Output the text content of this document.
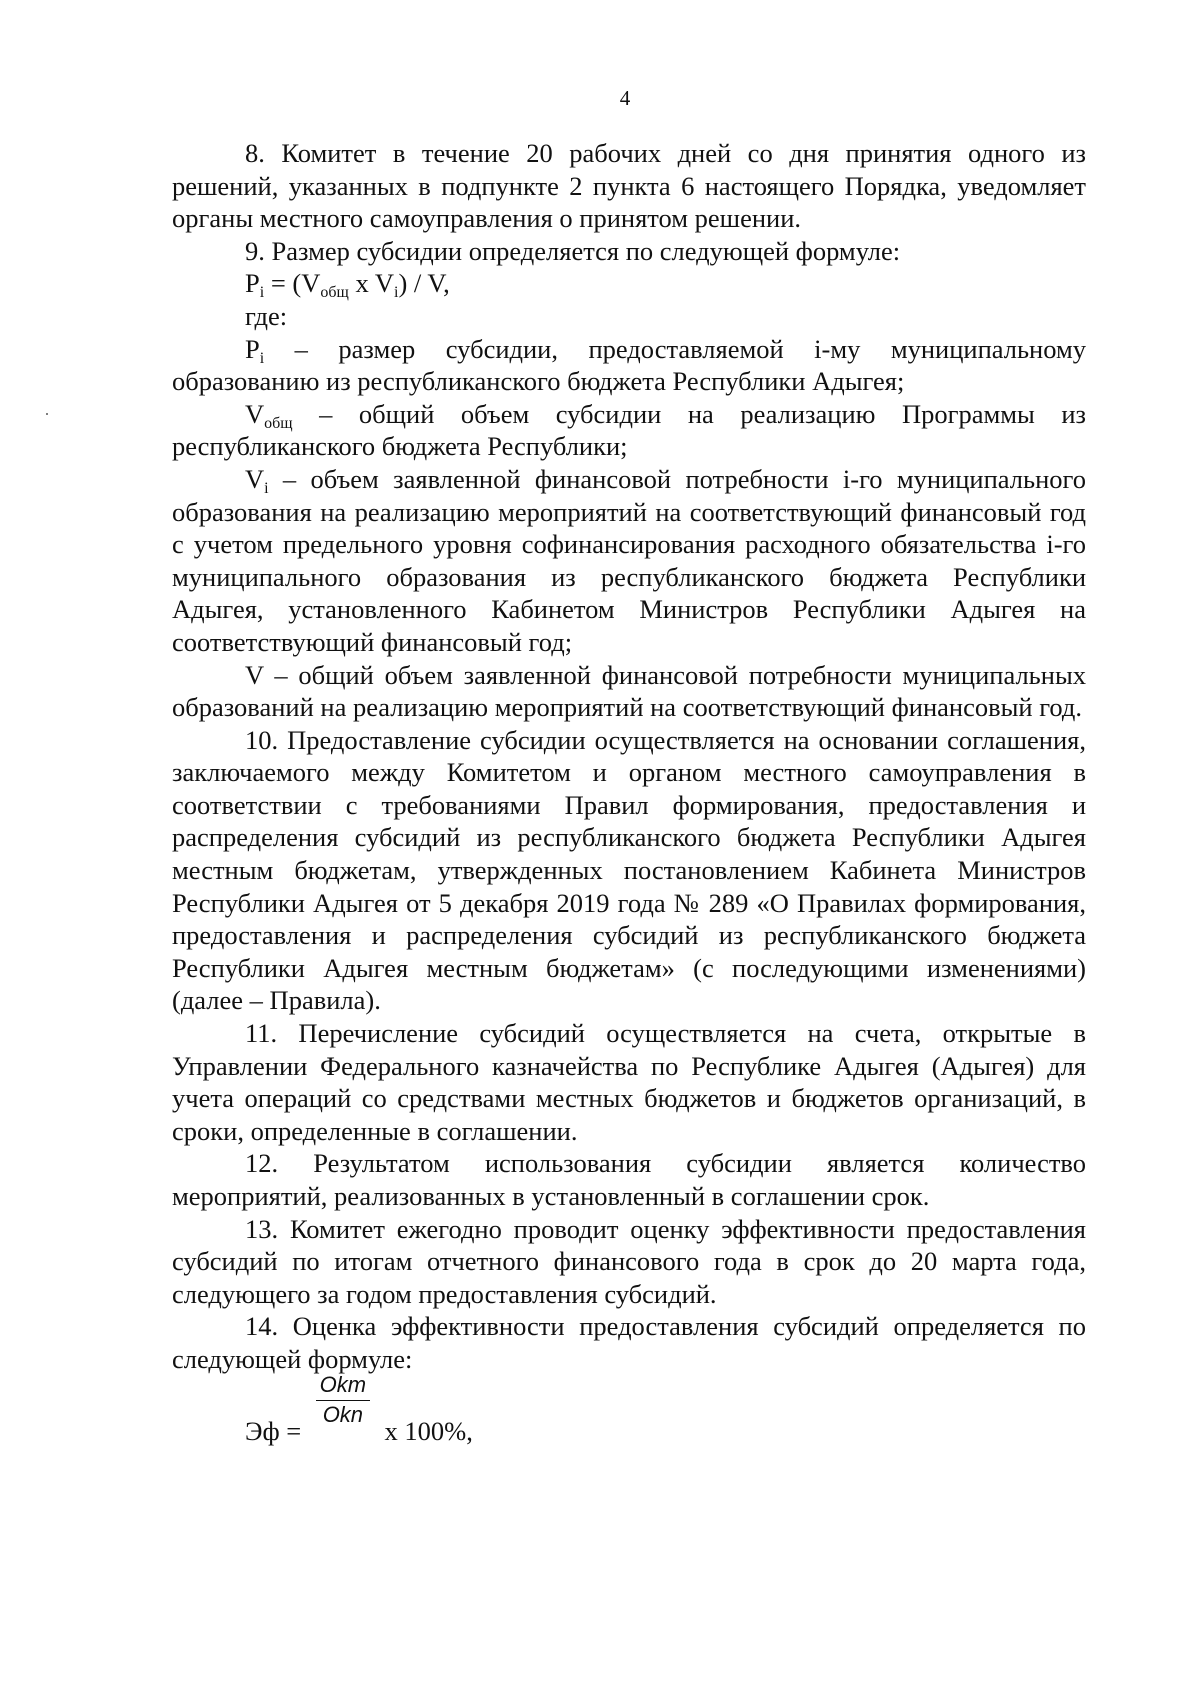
4

8. Комитет в течение 20 рабочих дней со дня принятия одного из решений, указанных в подпункте 2 пункта 6 настоящего Порядка, уведомляет органы местного самоуправления о принятом решении.

9. Размер субсидии определяется по следующей формуле:

$P_i = (V_{общ}$ x $V_i$) / V,

где:

$P_i$ – размер субсидии, предоставляемой i-му муниципальному образованию из республиканского бюджета Республики Адыгея;

$V_{общ}$ – общий объем субсидии на реализацию Программы из республиканского бюджета Республики;

$V_i$ – объем заявленной финансовой потребности i-го муниципального образования на реализацию мероприятий на соответствующий финансовый год с учетом предельного уровня софинансирования расходного обязательства i-го муниципального образования из республиканского бюджета Республики Адыгея, установленного Кабинетом Министров Республики Адыгея на соответствующий финансовый год;

V – общий объем заявленной финансовой потребности муниципальных образований на реализацию мероприятий на соответствующий финансовый год.

10. Предоставление субсидии осуществляется на основании соглашения, заключаемого между Комитетом и органом местного самоуправления в соответствии с требованиями Правил формирования, предоставления и распределения субсидий из республиканского бюджета Республики Адыгея местным бюджетам, утвержденных постановлением Кабинета Министров Республики Адыгея от 5 декабря 2019 года № 289 «О Правилах формирования, предоставления и распределения субсидий из республиканского бюджета Республики Адыгея местным бюджетам» (с последующими изменениями) (далее – Правила).

11. Перечисление субсидий осуществляется на счета, открытые в Управлении Федерального казначейства по Республике Адыгея (Адыгея) для учета операций со средствами местных бюджетов и бюджетов организаций, в сроки, определенные в соглашении.

12. Результатом использования субсидии является количество мероприятий, реализованных в установленный в соглашении срок.

13. Комитет ежегодно проводит оценку эффективности предоставления субсидий по итогам отчетного финансового года в срок до 20 марта года, следующего за годом предоставления субсидий.

14. Оценка эффективности предоставления субсидий определяется по следующей формуле:

Эф = $\frac{\text{Okm}}{\text{Okn}}$ x 100%,
